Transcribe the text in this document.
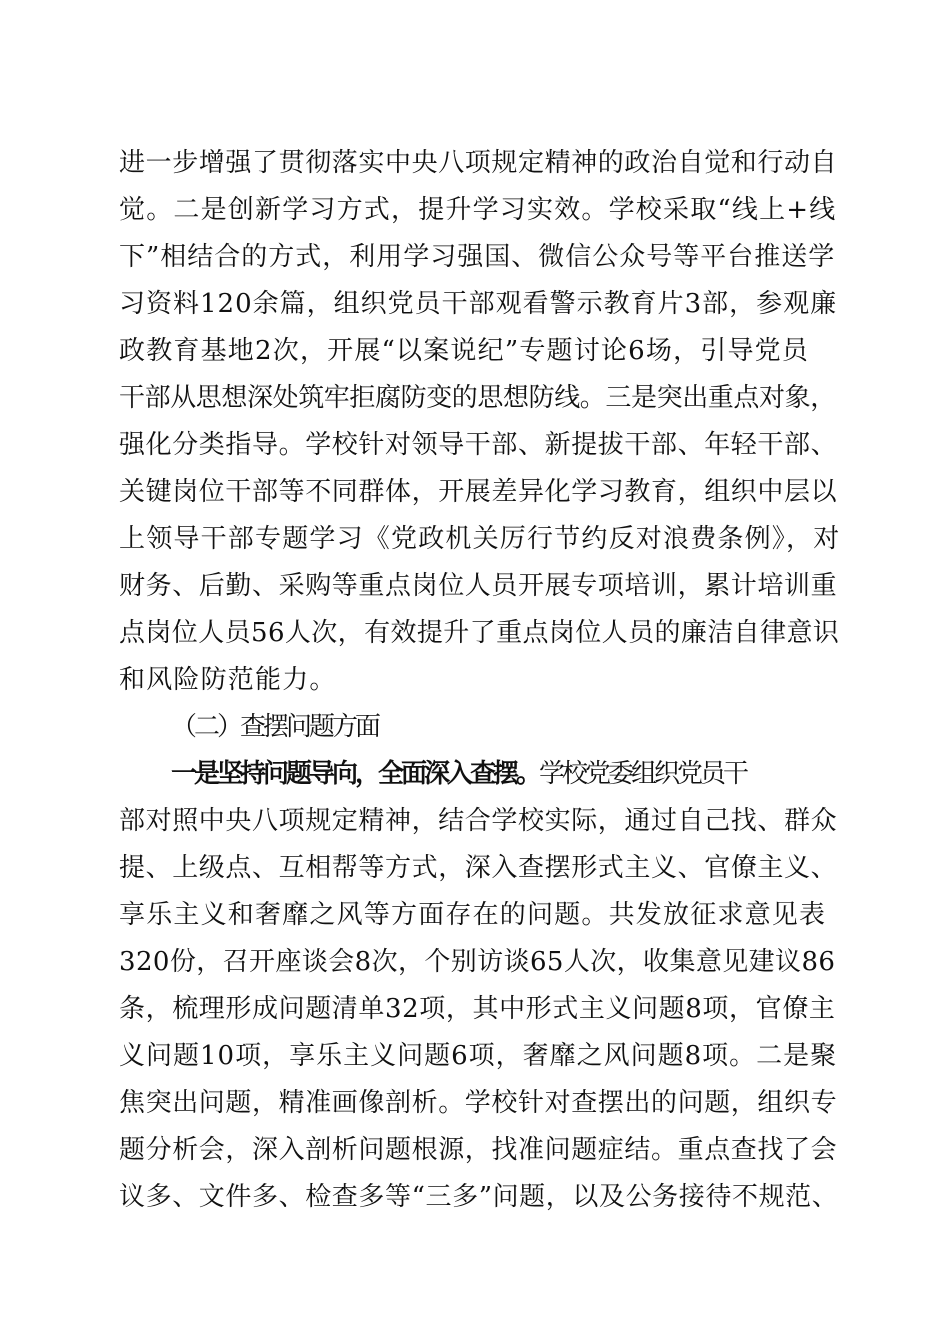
进一步增强了贯彻落实中央八项规定精神的政治自觉和行动自
觉。二是创新学习方式，提升学习实效。学校采取“线上+线
下”相结合的方式，利用学习强国、微信公众号等平台推送学
习资料120余篇，组织党员干部观看警示教育片3部，参观廉
政教育基地2次，开展“以案说纪”专题讨论6场，引导党员
干部从思想深处筑牢拒腐防变的思想防线。三是突出重点对象，
强化分类指导。学校针对领导干部、新提拔干部、年轻干部、
关键岗位干部等不同群体，开展差异化学习教育，组织中层以
上领导干部专题学习《党政机关厉行节约反对浪费条例》，对
财务、后勤、采购等重点岗位人员开展专项培训，累计培训重
点岗位人员56人次，有效提升了重点岗位人员的廉洁自律意识
和风险防范能力。
（二）查摆问题方面
一是坚持问题导向，全面深入查摆。学校党委组织党员干
部对照中央八项规定精神，结合学校实际，通过自己找、群众
提、上级点、互相帮等方式，深入查摆形式主义、官僚主义、
享乐主义和奢靡之风等方面存在的问题。共发放征求意见表
320份，召开座谈会8次，个别访谈65人次，收集意见建议86
条，梳理形成问题清单32项，其中形式主义问题8项，官僚主
义问题10项，享乐主义问题6项，奢靡之风问题8项。二是聚
焦突出问题，精准画像剖析。学校针对查摆出的问题，组织专
题分析会，深入剖析问题根源，找准问题症结。重点查找了会
议多、文件多、检查多等“三多”问题，以及公务接待不规范、
